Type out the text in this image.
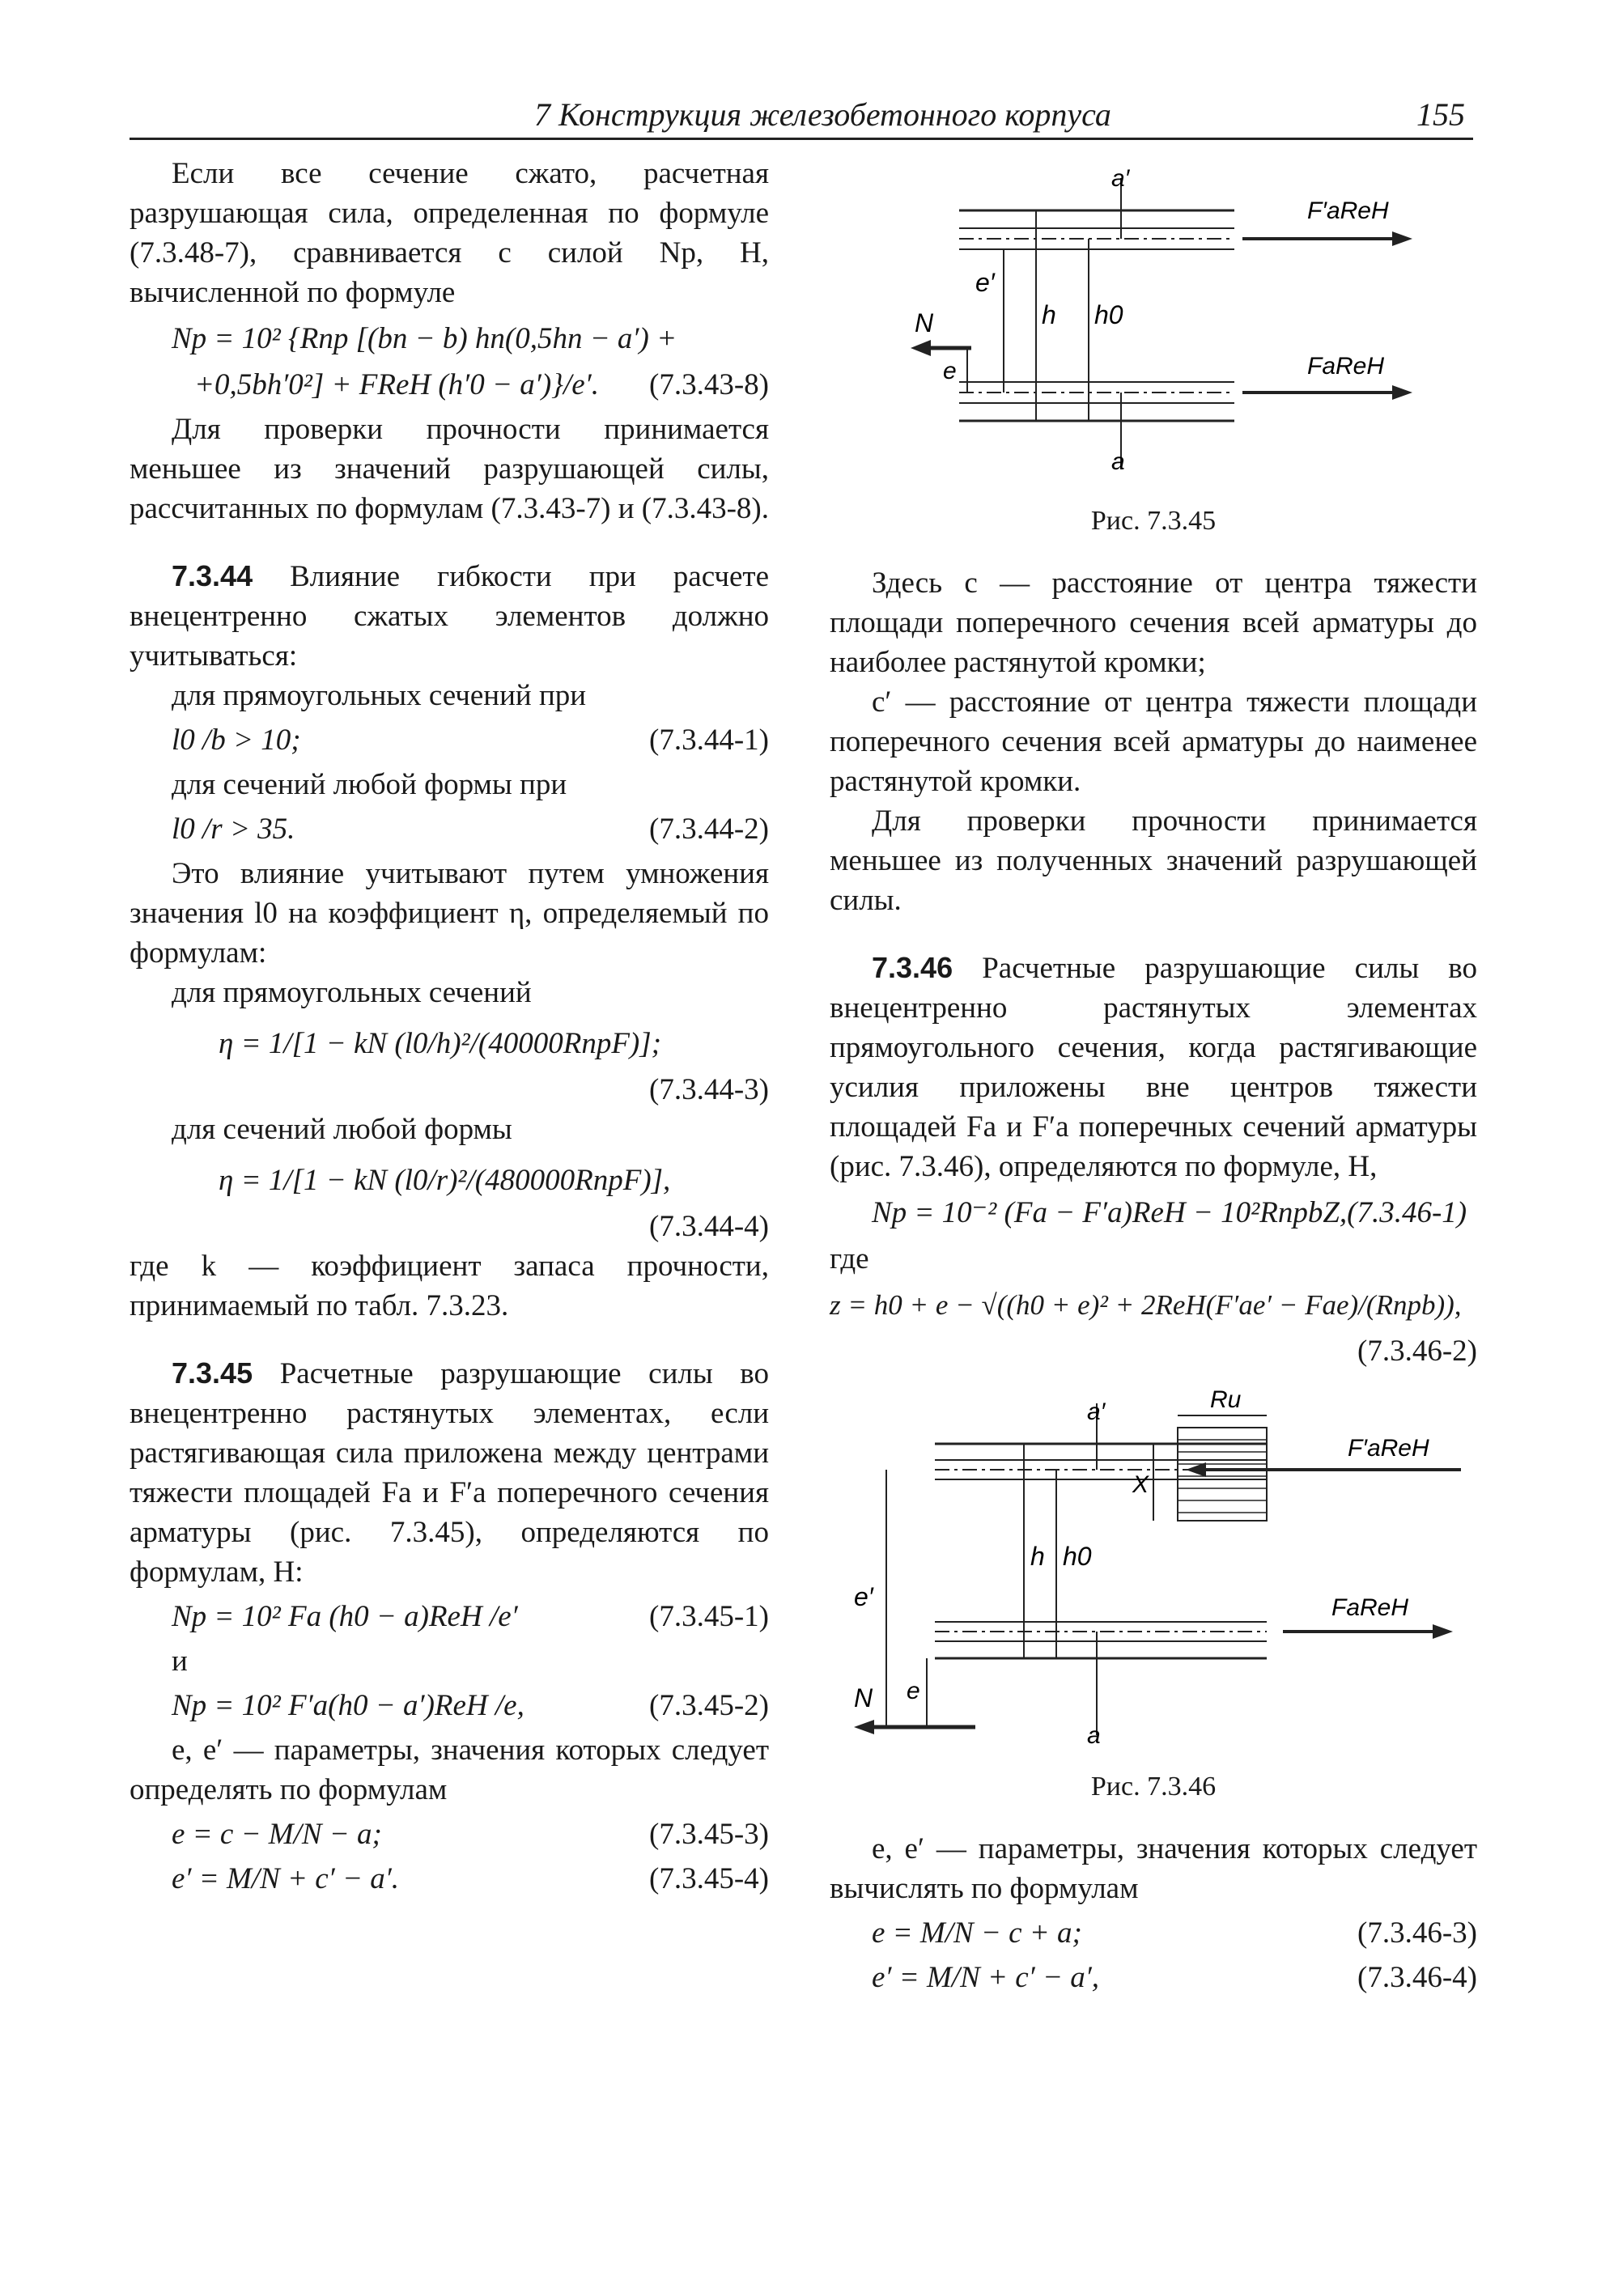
7 Конструкция железобетонного корпуса	155

Если все сечение сжато, расчетная разрушающая сила, определенная по формуле (7.3.48-7), сравнивается с силой Nр, Н, вычисленной по формуле

Nр = 10² {Rпр [(bп − b) hп(0,5hп − a′) +
+0,5bh′0²] + FReH (h′0 − a′)}/e′. (7.3.43-8)

Для проверки прочности принимается меньшее из значений разрушающей силы, рассчитанных по формулам (7.3.43-7) и (7.3.43-8).

7.3.44 Влияние гибкости при расчете внецентренно сжатых элементов должно учитываться:

для прямоугольных сечений при

l0 /b > 10;	(7.3.44-1)

для сечений любой формы при

l0 /r > 35.	(7.3.44-2)

Это влияние учитывают путем умножения значения l0 на коэффициент η, определяемый по формулам:

для прямоугольных сечений

η = 1/[1 − kN (l0/h)²/(40000RпрF)];
(7.3.44-3)

для сечений любой формы

η = 1/[1 − kN (l0/r)²/(480000RпрF)],
(7.3.44-4)

где k — коэффициент запаса прочности, принимаемый по табл. 7.3.23.

7.3.45 Расчетные разрушающие силы во внецентренно растянутых элементах, если растягивающая сила приложена между центрами тяжести площадей Fа и F′а поперечного сечения арматуры (рис. 7.3.45), определяются по формулам, Н:

Nр = 10² Fа (h0 − a)ReH /e′	(7.3.45-1)

и

Nр = 10² F′а(h0 − a′)ReH /e,	(7.3.45-2)

e, e′ — параметры, значения которых следует определять по формулам

e = c − M/N − a;	(7.3.45-3)
e′ = M/N + c′ − a′.	(7.3.45-4)
a′
a
h h0
e′
e
N
F′aReH
FaReH
Рис. 7.3.45

Здесь c — расстояние от центра тяжести площади поперечного сечения всей арматуры до наиболее растянутой кромки;

c′ — расстояние от центра тяжести площади поперечного сечения всей арматуры до наименее растянутой кромки.

Для проверки прочности принимается меньшее из полученных значений разрушающей силы.

7.3.46 Расчетные разрушающие силы во внецентренно растянутых элементах прямоугольного сечения, когда растягивающие усилия приложены вне центров тяжести площадей Fа и F′а поперечных сечений арматуры (рис. 7.3.46), определяются по формуле, Н,

Nр = 10⁻² (Fа − F′а)ReH − 10²RпрbZ,(7.3.46-1)

где

z = h0 + e − √((h0 + e)² + 2ReH(F′ae′ − Fae)/(Rпрb)),
(7.3.46-2)
Ru
a′
a
h h0
X
e′
e
N
F′aReH
FaReH
Рис. 7.3.46

e, e′ — параметры, значения которых следует вычислять по формулам

e = M/N − c + a;	(7.3.46-3)
e′ = M/N + c′ − a′,	(7.3.46-4)
